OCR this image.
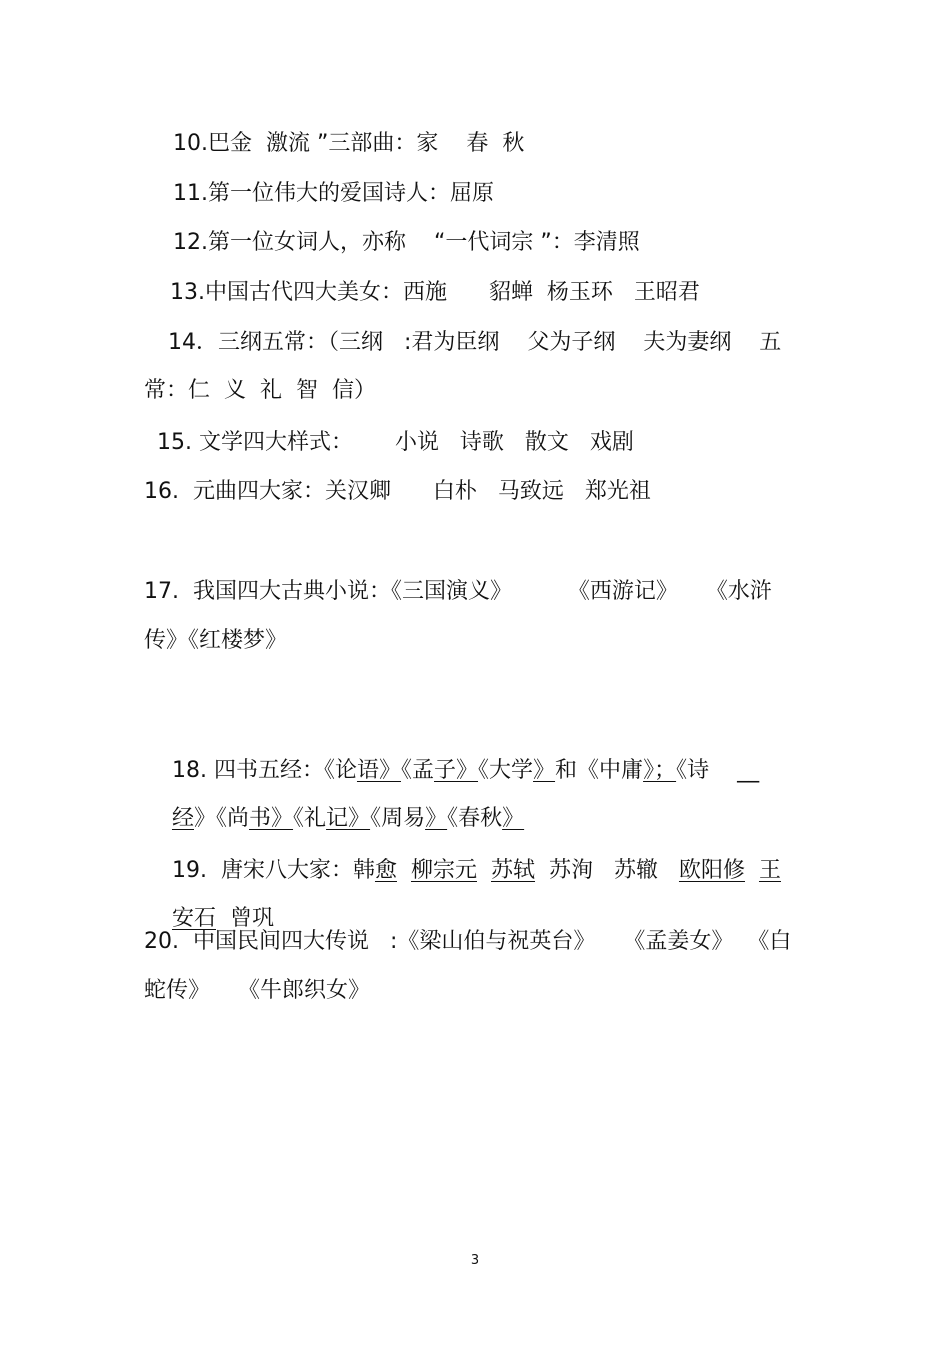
10.巴金  激流 ”三部曲：家    春  秋
11.第一位伟大的爱国诗人：屈原
12.第一位女词人，亦称    “一代词宗 ”：李清照
13.中国古代四大美女：西施      貂蝉  杨玉环   王昭君
14．三纲五常：（三纲   :君为臣纲    父为子纲    夫为妻纲    五
常：仁  义  礼  智  信）
15. 文学四大样式：      小说   诗歌   散文   戏剧
16.  元曲四大家：关汉卿      白朴   马致远   郑光祖
17.  我国四大古典小说：《三国演义》        《西游记》    《水浒
传》《红楼梦》

18. 四书五经：《论语》《孟子》《大学》和《中庸》；《诗    __

经》《尚书》《礼记》《周易》《春秋》

19.  唐宋八大家：韩愈 柳宗元 苏轼  苏洵   苏辙   欧阳修 王

安石  曾巩

20.  中国民间四大传说   :《梁山伯与祝英台》    《孟姜女》  《白
蛇传》    《牛郎织女》
3
